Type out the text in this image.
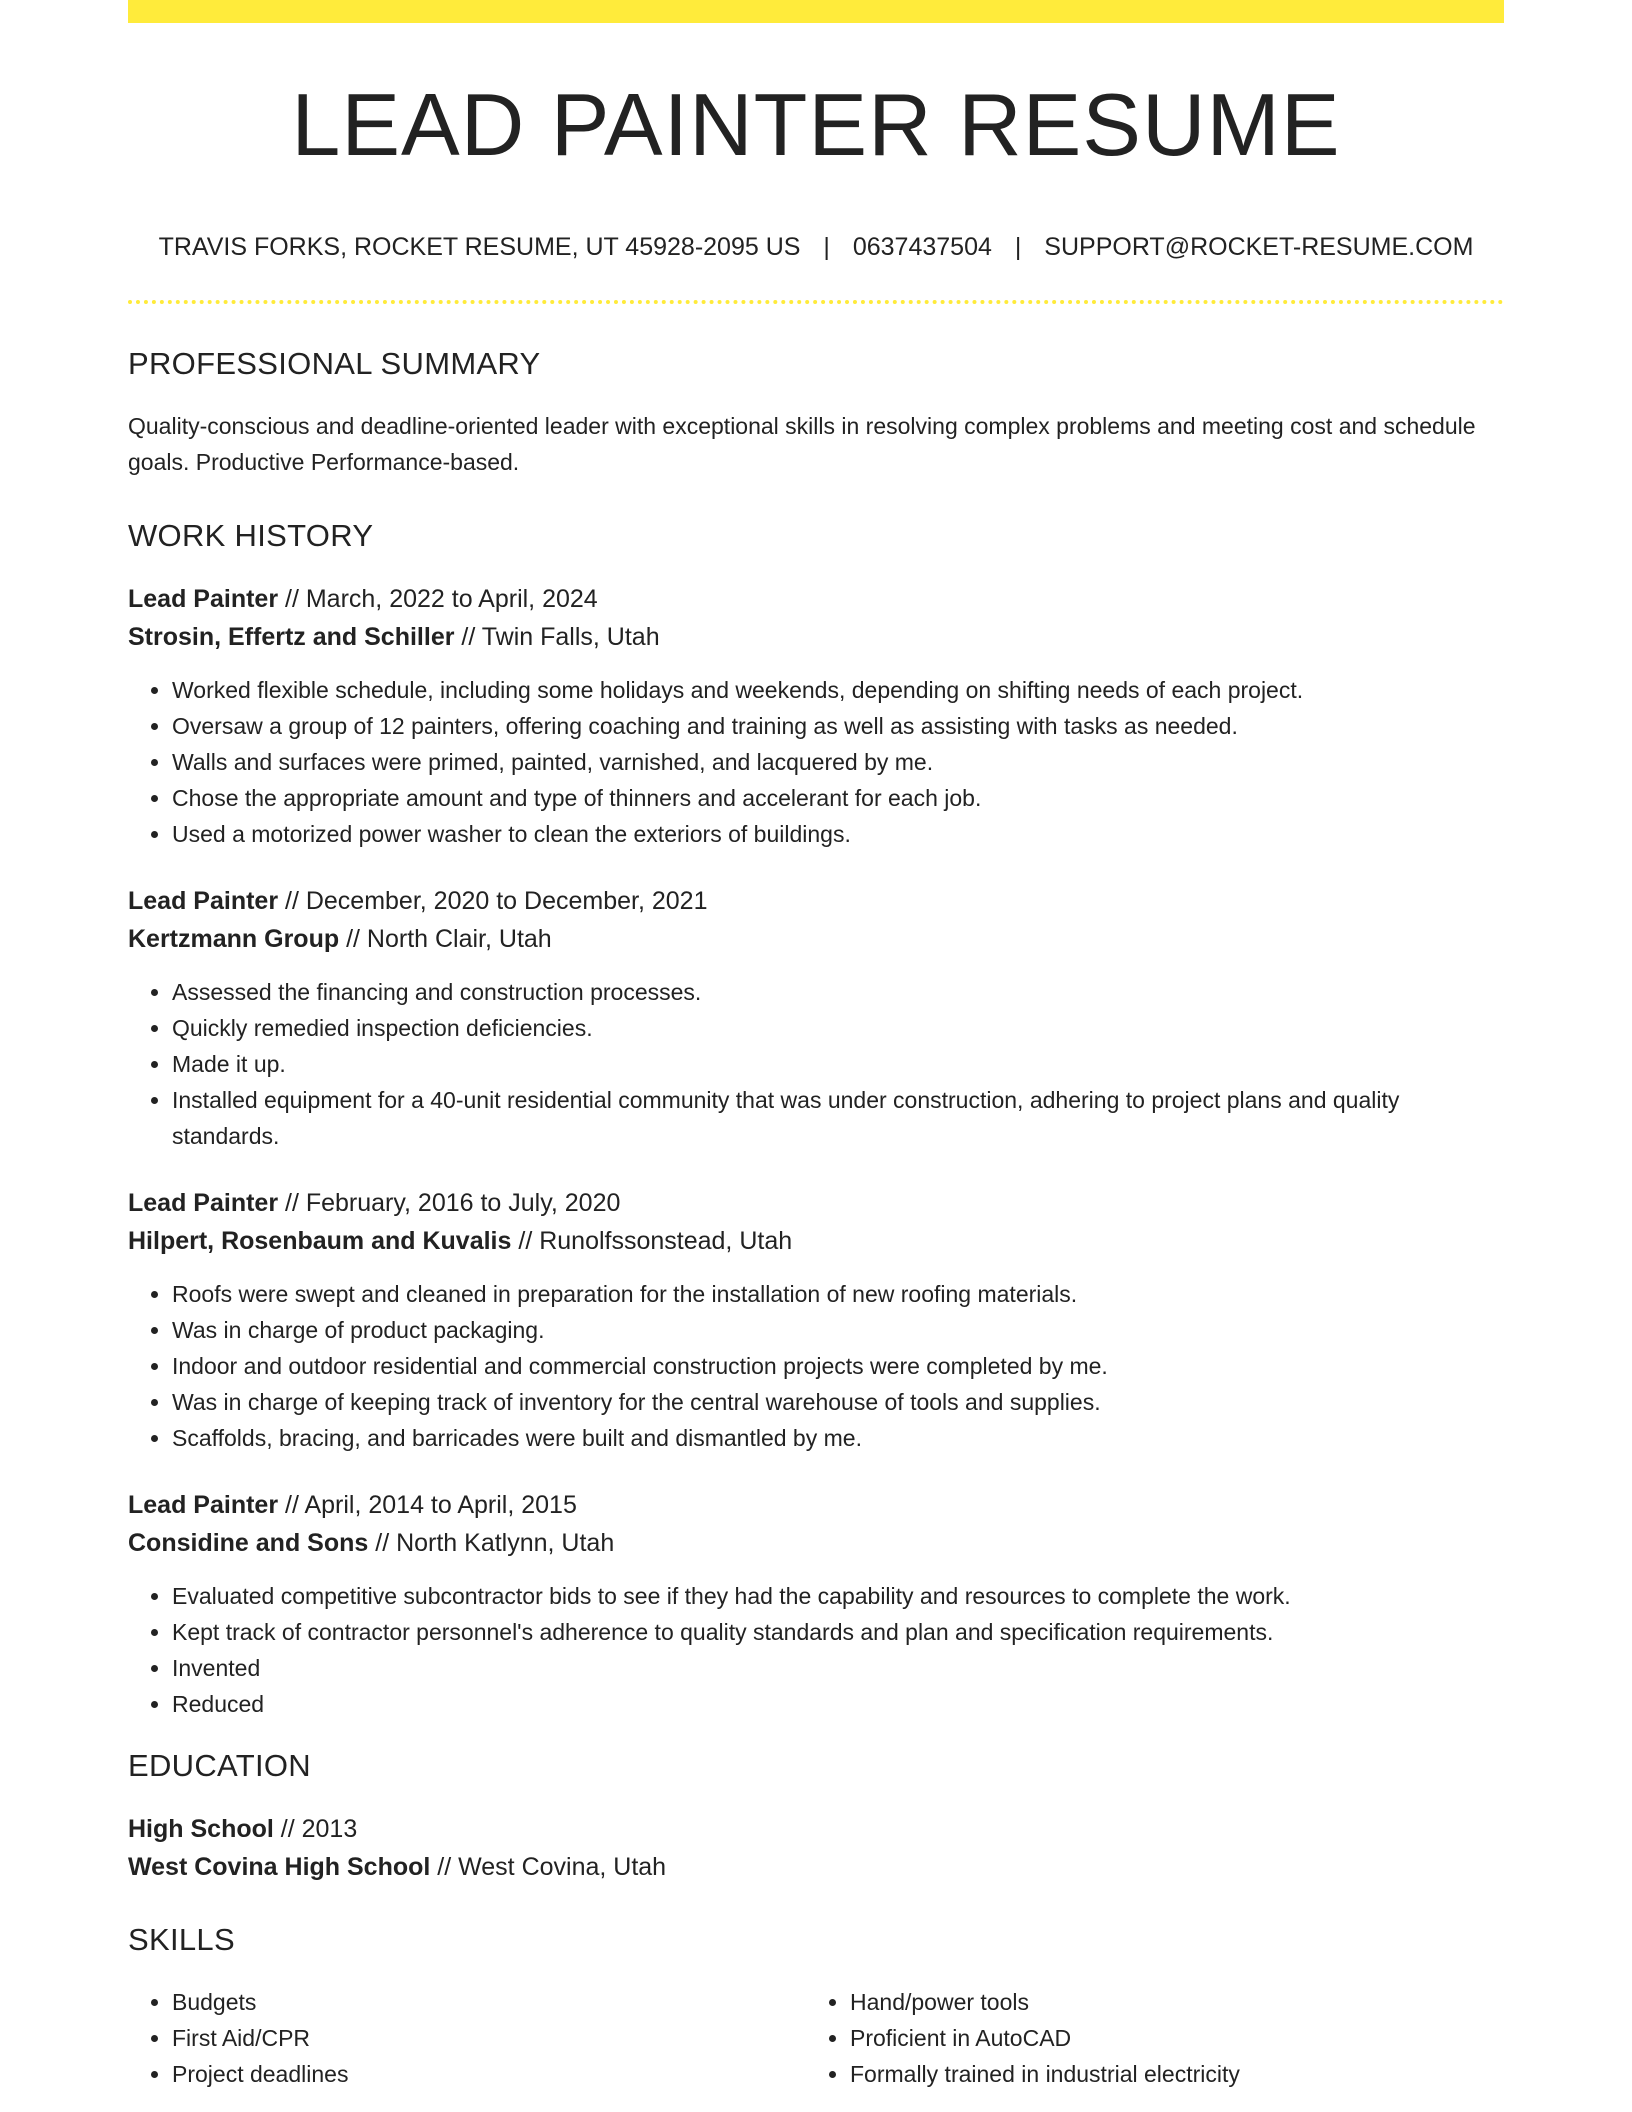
LEAD PAINTER RESUME
TRAVIS FORKS, ROCKET RESUME, UT 45928-2095 US | 0637437504 | SUPPORT@ROCKET-RESUME.COM
PROFESSIONAL SUMMARY
Quality-conscious and deadline-oriented leader with exceptional skills in resolving complex problems and meeting cost and schedule goals. Productive Performance-based.
WORK HISTORY
Lead Painter // March, 2022 to April, 2024
Strosin, Effertz and Schiller // Twin Falls, Utah
• Worked flexible schedule, including some holidays and weekends, depending on shifting needs of each project.
• Oversaw a group of 12 painters, offering coaching and training as well as assisting with tasks as needed.
• Walls and surfaces were primed, painted, varnished, and lacquered by me.
• Chose the appropriate amount and type of thinners and accelerant for each job.
• Used a motorized power washer to clean the exteriors of buildings.
Lead Painter // December, 2020 to December, 2021
Kertzmann Group // North Clair, Utah
• Assessed the financing and construction processes.
• Quickly remedied inspection deficiencies.
• Made it up.
• Installed equipment for a 40-unit residential community that was under construction, adhering to project plans and quality standards.
Lead Painter // February, 2016 to July, 2020
Hilpert, Rosenbaum and Kuvalis // Runolfssonstead, Utah
• Roofs were swept and cleaned in preparation for the installation of new roofing materials.
• Was in charge of product packaging.
• Indoor and outdoor residential and commercial construction projects were completed by me.
• Was in charge of keeping track of inventory for the central warehouse of tools and supplies.
• Scaffolds, bracing, and barricades were built and dismantled by me.
Lead Painter // April, 2014 to April, 2015
Considine and Sons // North Katlynn, Utah
• Evaluated competitive subcontractor bids to see if they had the capability and resources to complete the work.
• Kept track of contractor personnel's adherence to quality standards and plan and specification requirements.
• Invented
• Reduced
EDUCATION
High School // 2013
West Covina High School // West Covina, Utah
SKILLS
• Budgets
• First Aid/CPR
• Project deadlines
• Hand/power tools
• Proficient in AutoCAD
• Formally trained in industrial electricity
